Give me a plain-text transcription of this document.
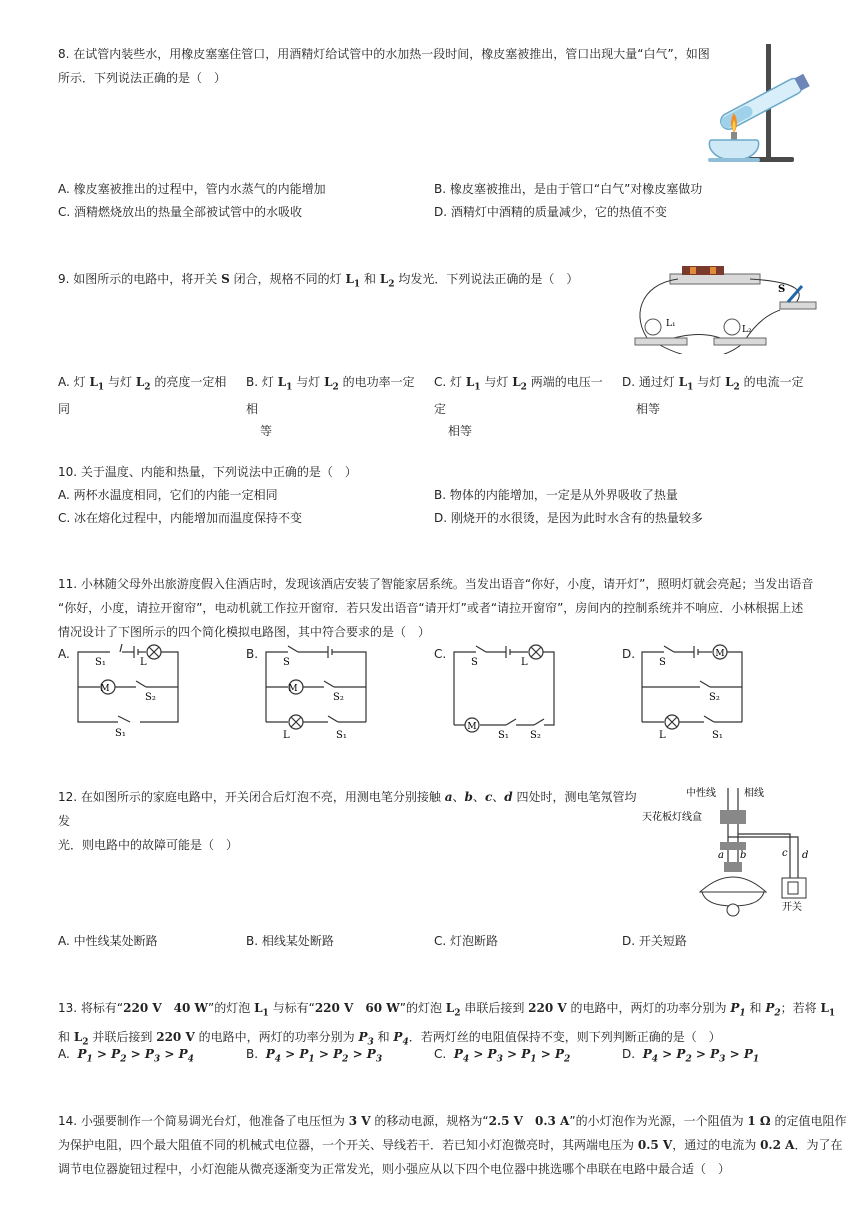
8. 在试管内装些水，用橡皮塞塞住管口，用酒精灯给试管中的水加热一段时间，橡皮塞被推出，管口出现大量“白气”，如图
所示．下列说法正确的是（　）
A. 橡皮塞被推出的过程中，管内水蒸气的内能增加	B. 橡皮塞被推出，是由于管口“白气”对橡皮塞做功
C. 酒精燃烧放出的热量全部被试管中的水吸收	D. 酒精灯中酒精的质量减少，它的热值不变
9. 如图所示的电路中，将开关 S 闭合，规格不同的灯 $L_1$ 和 $L_2$ 均发光．下列说法正确的是（　）
L₁
L₂
S
A. 灯 $L_1$ 与灯 $L_2$ 的亮度一定相同

B. 灯 $L_1$ 与灯 $L_2$ 的电功率一定相
等
C. 灯 $L_1$ 与灯 $L_2$ 两端的电压一定
相等
D. 通过灯 $L_1$ 与灯 $L_2$ 的电流一定
相等
10. 关于温度、内能和热量，下列说法中正确的是（　）
A. 两杯水温度相同，它们的内能一定相同	B. 物体的内能增加，一定是从外界吸收了热量
C. 冰在熔化过程中，内能增加而温度保持不变	D. 刚烧开的水很烫，是因为此时水含有的热量较多
11. 小林随父母外出旅游度假入住酒店时，发现该酒店安装了智能家居系统。当发出语音“你好，小度，请开灯”，照明灯就会亮起；当发出语音
“你好，小度，请拉开窗帘”，电动机就工作拉开窗帘．若只发出语音“请开灯”或者“请拉开窗帘”，房间内的控制系统并不响应．小林根据上述
情况设计了下图所示的四个简化模拟电路图，其中符合要求的是（　）
A.
M
S₁	L
S₂
S₁
B.
M
S
S₂
L	S₁
C.
M
S	L
S₁ S₂
D.	M
S
S₂
L	S₁
12. 在如图所示的家庭电路中，开关闭合后灯泡不亮，用测电笔分别接触 a、b、c、d 四处时，测电笔氖管均发
光．则电路中的故障可能是（　）
中性线	相线
天花板灯线盒
开关
a b	c d
A. 中性线某处断路	B. 相线某处断路	C. 灯泡断路	D. 开关短路
13. 将标有“220 V　40 W”的灯泡 $L_1$ 与标有“220 V　60 W”的灯泡 $L_2$ 串联后接到 220 V 的电路中，两灯的功率分别为 $P_1$ 和 $P_2$；若将 $L_1$
和 $L_2$ 并联后接到 220 V 的电路中，两灯的功率分别为 $P_3$ 和 $P_4$．若两灯丝的电阻值保持不变，则下列判断正确的是（　）
A. $P_1 > P_2 > P_3 > P_4$	B. $P_4 > P_1 > P_2 > P_3$	C. $P_4 > P_3 > P_1 > P_2$	D. $P_4 > P_2 > P_3 > P_1$
14. 小强要制作一个简易调光台灯，他准备了电压恒为 3 V 的移动电源，规格为“2.5 V　0.3 A”的小灯泡作为光源，一个阻值为 1 Ω 的定值电阻作
为保护电阻，四个最大阻值不同的机械式电位器，一个开关、导线若干．若已知小灯泡微亮时，其两端电压为 0.5 V，通过的电流为 0.2 A．为了在
调节电位器旋钮过程中，小灯泡能从微亮逐渐变为正常发光，则小强应从以下四个电位器中挑选哪个串联在电路中最合适（　）
